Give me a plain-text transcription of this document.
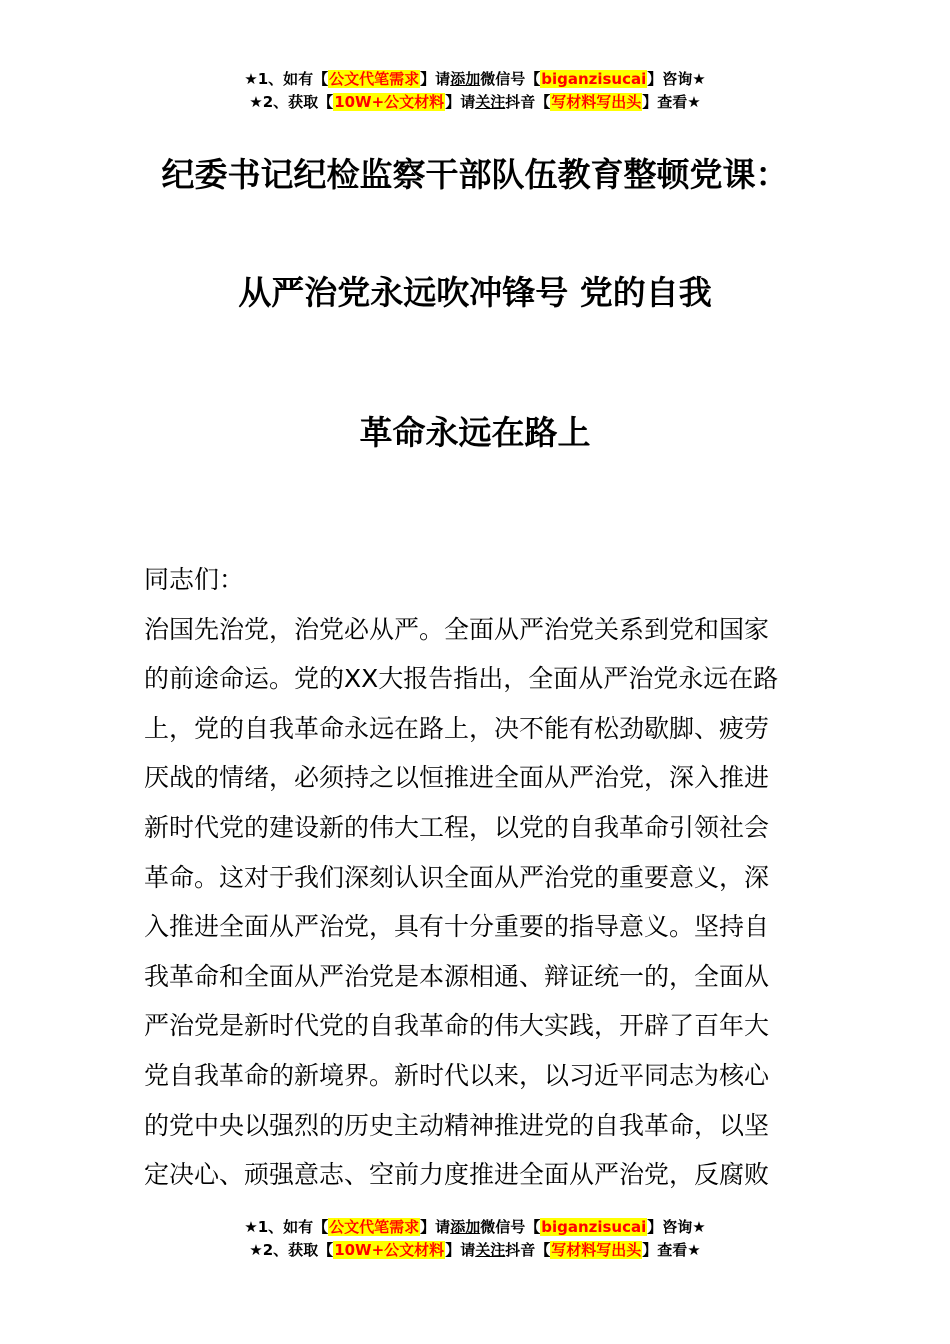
★1、如有【公文代笔需求】请添加微信号【biganzisucai】咨询★
★2、获取【10W+公文材料】请关注抖音【写材料写出头】查看★
纪委书记纪检监察干部队伍教育整顿党课：
从严治党永远吹冲锋号 党的自我
革命永远在路上
同志们：
治国先治党，治党必从严。全面从严治党关系到党和国家
的前途命运。党的XX大报告指出，全面从严治党永远在路
上，党的自我革命永远在路上，决不能有松劲歇脚、疲劳
厌战的情绪，必须持之以恒推进全面从严治党，深入推进
新时代党的建设新的伟大工程，以党的自我革命引领社会
革命。这对于我们深刻认识全面从严治党的重要意义，深
入推进全面从严治党，具有十分重要的指导意义。坚持自
我革命和全面从严治党是本源相通、辩证统一的，全面从
严治党是新时代党的自我革命的伟大实践，开辟了百年大
党自我革命的新境界。新时代以来，以习近平同志为核心
的党中央以强烈的历史主动精神推进党的自我革命，以坚
定决心、顽强意志、空前力度推进全面从严治党，反腐败
★1、如有【公文代笔需求】请添加微信号【biganzisucai】咨询★
★2、获取【10W+公文材料】请关注抖音【写材料写出头】查看★
